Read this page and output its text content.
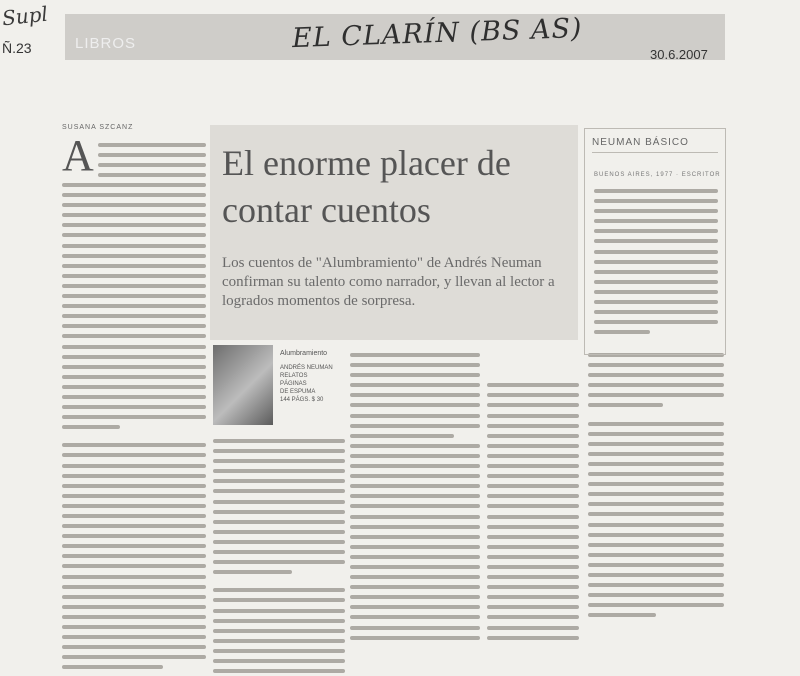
Supl
Ñ.23	LIBROS	EL CLARÍN (BS AS)
30.6.2007
SUSANA SZCANZ
A	El enorme placer de contar cuentos
Los cuentos de "Alumbramiento" de Andrés Neuman confirman su talento como narrador, y llevan al lector a logrados momentos de sorpresa.
Alumbramiento
ANDRÉS NEUMAN
RELATOS
PÁGINAS
DE ESPUMA
144 PÁGS. $ 30
NEUMAN BÁSICO
BUENOS AIRES, 1977 · ESCRITOR
